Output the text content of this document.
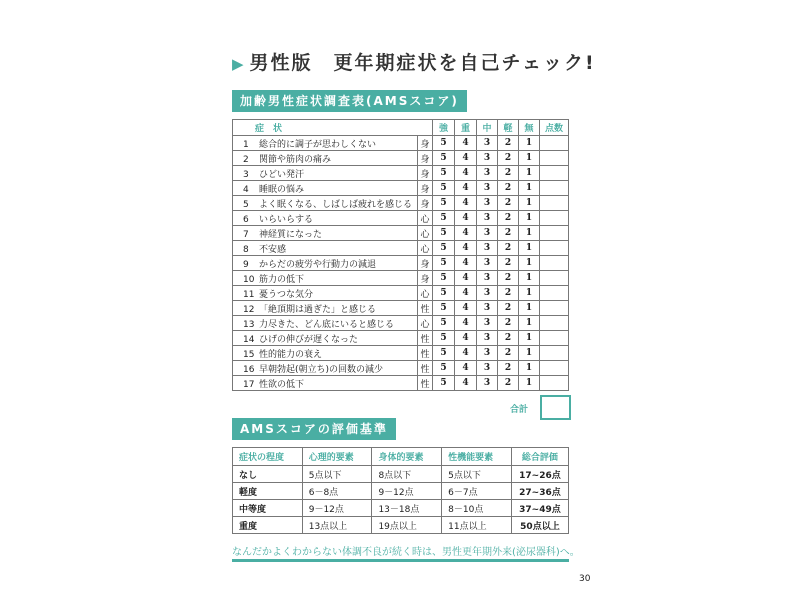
▶ 男性版　更年期症状を自己チェック!
加齢男性症状調査表(AMSスコア)
症　状		強	重	中	軽	無	点数
1 総合的に調子が思わしくない	身	5	4	3	2	1	
2 関節や筋肉の痛み	身	5	4	3	2	1	
3 ひどい発汗	身	5	4	3	2	1	
4 睡眠の悩み	身	5	4	3	2	1	
5 よく眠くなる、しばしば疲れを感じる	身	5	4	3	2	1	
6 いらいらする	心	5	4	3	2	1	
7 神経質になった	心	5	4	3	2	1	
8 不安感	心	5	4	3	2	1	
9 からだの疲労や行動力の減退	身	5	4	3	2	1	
10 筋力の低下	身	5	4	3	2	1	
11 憂うつな気分	心	5	4	3	2	1	
12 「絶頂期は過ぎた」と感じる	性	5	4	3	2	1	
13 力尽きた、どん底にいると感じる	心	5	4	3	2	1	
14 ひげの伸びが遅くなった	性	5	4	3	2	1	
15 性的能力の衰え	性	5	4	3	2	1	
16 早朝勃起(朝立ち)の回数の減少	性	5	4	3	2	1	
17 性欲の低下	性	5	4	3	2	1	
合計
AMSスコアの評価基準
症状の程度	心理的要素	身体的要素	性機能要素	総合評価
なし	5点以下	8点以下	5点以下	17~26点
軽度	6－8点	9－12点	6－7点	27~36点
中等度	9－12点	13－18点	8－10点	37~49点
重度	13点以上	19点以上	11点以上	50点以上
なんだかよくわからない体調不良が続く時は、男性更年期外来(泌尿器科)へ。
30
